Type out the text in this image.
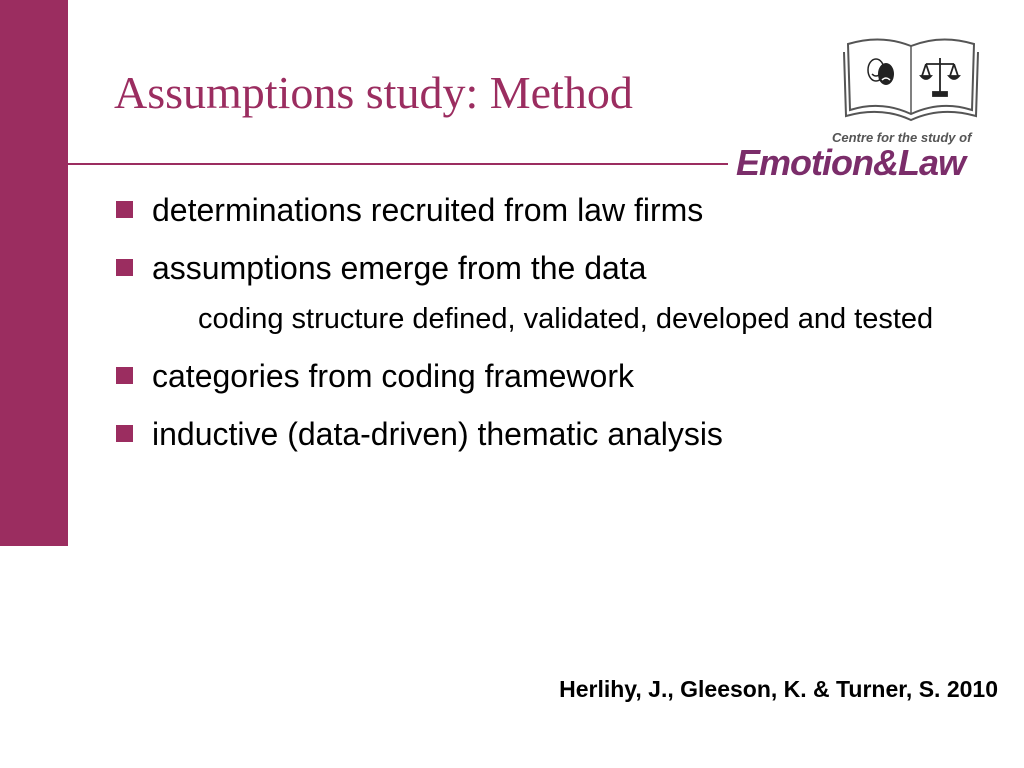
Assumptions study: Method
Centre for the study of
Emotion&Law
determinations recruited from law firms
assumptions emerge from the data
coding structure defined, validated, developed and tested
categories from coding framework
inductive (data-driven) thematic analysis
Herlihy, J., Gleeson, K. & Turner, S. 2010
